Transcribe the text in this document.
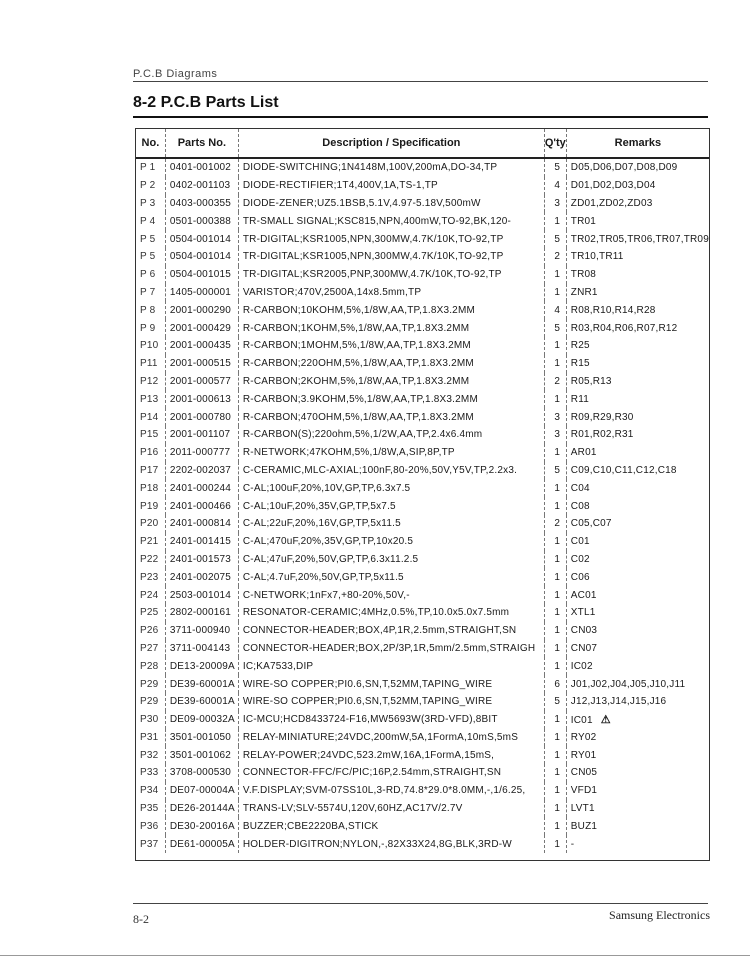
P.C.B Diagrams
8-2 P.C.B Parts List
No.	Parts No.	Description / Specification	Q'ty	Remarks
P 1	0401-001002	DIODE-SWITCHING;1N4148M,100V,200mA,DO-34,TP	5	D05,D06,D07,D08,D09
P 2	0402-001103	DIODE-RECTIFIER;1T4,400V,1A,TS-1,TP	4	D01,D02,D03,D04
P 3	0403-000355	DIODE-ZENER;UZ5.1BSB,5.1V,4.97-5.18V,500mW	3	ZD01,ZD02,ZD03
P 4	0501-000388	TR-SMALL SIGNAL;KSC815,NPN,400mW,TO-92,BK,120-	1	TR01
P 5	0504-001014	TR-DIGITAL;KSR1005,NPN,300MW,4.7K/10K,TO-92,TP	5	TR02,TR05,TR06,TR07,TR09
P 5	0504-001014	TR-DIGITAL;KSR1005,NPN,300MW,4.7K/10K,TO-92,TP	2	TR10,TR11
P 6	0504-001015	TR-DIGITAL;KSR2005,PNP,300MW,4.7K/10K,TO-92,TP	1	TR08
P 7	1405-000001	VARISTOR;470V,2500A,14x8.5mm,TP	1	ZNR1
P 8	2001-000290	R-CARBON;10KOHM,5%,1/8W,AA,TP,1.8X3.2MM	4	R08,R10,R14,R28
P 9	2001-000429	R-CARBON;1KOHM,5%,1/8W,AA,TP,1.8X3.2MM	5	R03,R04,R06,R07,R12
P10	2001-000435	R-CARBON;1MOHM,5%,1/8W,AA,TP,1.8X3.2MM	1	R25
P11	2001-000515	R-CARBON;220OHM,5%,1/8W,AA,TP,1.8X3.2MM	1	R15
P12	2001-000577	R-CARBON;2KOHM,5%,1/8W,AA,TP,1.8X3.2MM	2	R05,R13
P13	2001-000613	R-CARBON;3.9KOHM,5%,1/8W,AA,TP,1.8X3.2MM	1	R11
P14	2001-000780	R-CARBON;470OHM,5%,1/8W,AA,TP,1.8X3.2MM	3	R09,R29,R30
P15	2001-001107	R-CARBON(S);220ohm,5%,1/2W,AA,TP,2.4x6.4mm	3	R01,R02,R31
P16	2011-000777	R-NETWORK;47KOHM,5%,1/8W,A,SIP,8P,TP	1	AR01
P17	2202-002037	C-CERAMIC,MLC-AXIAL;100nF,80-20%,50V,Y5V,TP,2.2x3.	5	C09,C10,C11,C12,C18
P18	2401-000244	C-AL;100uF,20%,10V,GP,TP,6.3x7.5	1	C04
P19	2401-000466	C-AL;10uF,20%,35V,GP,TP,5x7.5	1	C08
P20	2401-000814	C-AL;22uF,20%,16V,GP,TP,5x11.5	2	C05,C07
P21	2401-001415	C-AL;470uF,20%,35V,GP,TP,10x20.5	1	C01
P22	2401-001573	C-AL;47uF,20%,50V,GP,TP,6.3x11.2.5	1	C02
P23	2401-002075	C-AL;4.7uF,20%,50V,GP,TP,5x11.5	1	C06
P24	2503-001014	C-NETWORK;1nFx7,+80-20%,50V,-	1	AC01
P25	2802-000161	RESONATOR-CERAMIC;4MHz,0.5%,TP,10.0x5.0x7.5mm	1	XTL1
P26	3711-000940	CONNECTOR-HEADER;BOX,4P,1R,2.5mm,STRAIGHT,SN	1	CN03
P27	3711-004143	CONNECTOR-HEADER;BOX,2P/3P,1R,5mm/2.5mm,STRAIGH	1	CN07
P28	DE13-20009A	IC;KA7533,DIP	1	IC02
P29	DE39-60001A	WIRE-SO COPPER;PI0.6,SN,T,52MM,TAPING_WIRE	6	J01,J02,J04,J05,J10,J11
P29	DE39-60001A	WIRE-SO COPPER;PI0.6,SN,T,52MM,TAPING_WIRE	5	J12,J13,J14,J15,J16
P30	DE09-00032A	IC-MCU;HCD8433724-F16,MW5693W(3RD-VFD),8BIT	1	IC01 ⚠
P31	3501-001050	RELAY-MINIATURE;24VDC,200mW,5A,1FormA,10mS,5mS	1	RY02
P32	3501-001062	RELAY-POWER;24VDC,523.2mW,16A,1FormA,15mS,	1	RY01
P33	3708-000530	CONNECTOR-FFC/FC/PIC;16P,2.54mm,STRAIGHT,SN	1	CN05
P34	DE07-00004A	V.F.DISPLAY;SVM-07SS10L,3-RD,74.8*29.0*8.0MM,-,1/6.25,	1	VFD1
P35	DE26-20144A	TRANS-LV;SLV-5574U,120V,60HZ,AC17V/2.7V	1	LVT1
P36	DE30-20016A	BUZZER;CBE2220BA,STICK	1	BUZ1
P37	DE61-00005A	HOLDER-DIGITRON;NYLON,-,82X33X24,8G,BLK,3RD-W	1	-
8-2	Samsung Electronics
